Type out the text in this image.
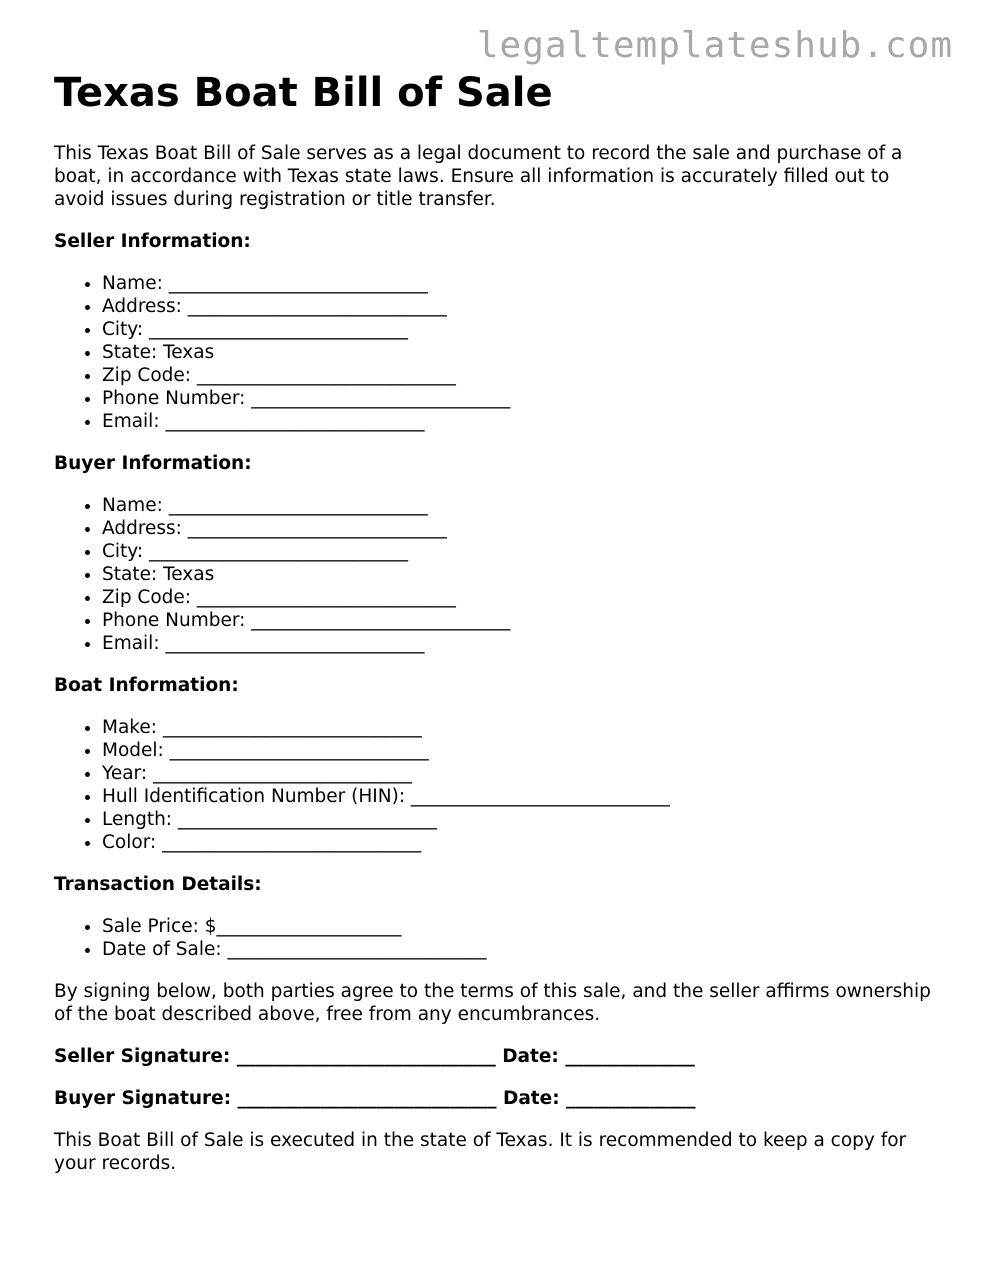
legaltemplateshub.com
Texas Boat Bill of Sale

This Texas Boat Bill of Sale serves as a legal document to record the sale and purchase of a boat, in accordance with Texas state laws. Ensure all information is accurately filled out to avoid issues during registration or title transfer.

Seller Information:
• Name: ____________________________
• Address: ____________________________
• City: ____________________________
• State: Texas
• Zip Code: ____________________________
• Phone Number: ____________________________
• Email: ____________________________
Buyer Information:
• Name: ____________________________
• Address: ____________________________
• City: ____________________________
• State: Texas
• Zip Code: ____________________________
• Phone Number: ____________________________
• Email: ____________________________
Boat Information:
• Make: ____________________________
• Model: ____________________________
• Year: ____________________________
• Hull Identification Number (HIN): ____________________________
• Length: ____________________________
• Color: ____________________________
Transaction Details:
• Sale Price: $____________________
• Date of Sale: ____________________________

By signing below, both parties agree to the terms of this sale, and the seller affirms ownership of the boat described above, free from any encumbrances.

Seller Signature: ____________________________ Date: ______________
Buyer Signature: ____________________________ Date: ______________

This Boat Bill of Sale is executed in the state of Texas. It is recommended to keep a copy for your records.
